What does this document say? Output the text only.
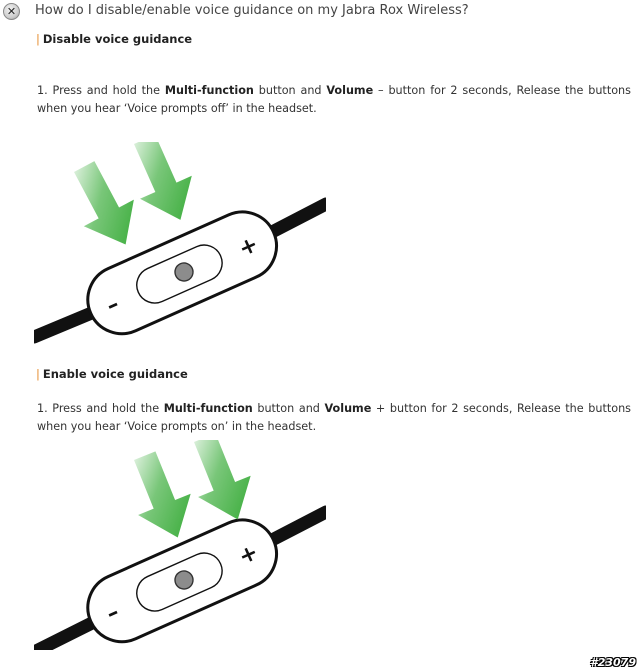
✕ How do I disable/enable voice guidance on my Jabra Rox Wireless?
| Disable voice guidance
1. Press and hold the Multi-function button and Volume – button for 2 seconds, Release the buttons when you hear ‘Voice prompts off’ in the headset.
–
+
| Enable voice guidance
1. Press and hold the Multi-function button and Volume + button for 2 seconds, Release the buttons when you hear ‘Voice prompts on’ in the headset.
–
+
#23079
